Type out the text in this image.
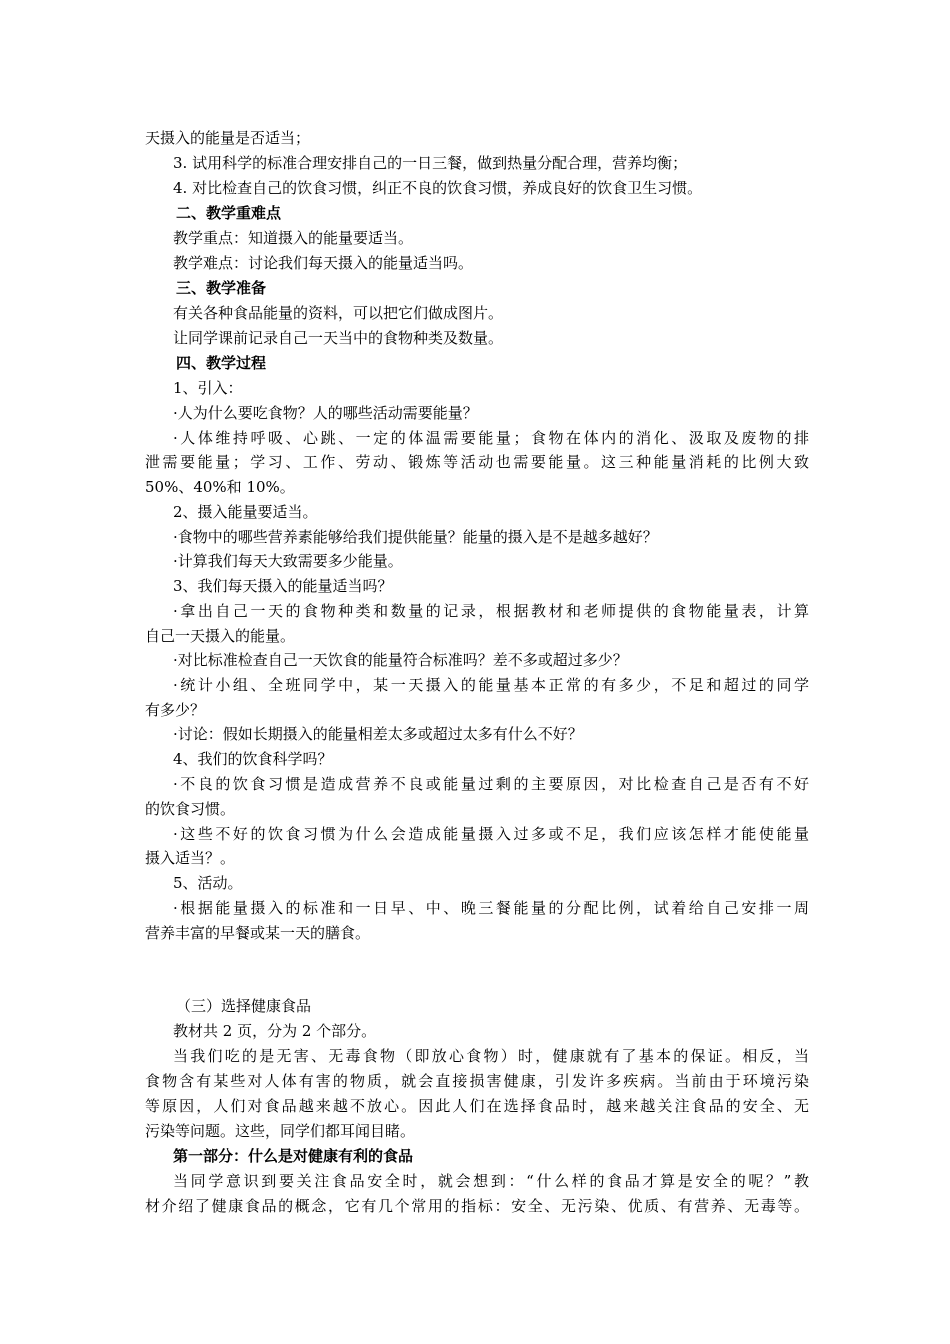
天摄入的能量是否适当；
3. 试用科学的标准合理安排自己的一日三餐，做到热量分配合理，营养均衡；
4. 对比检查自己的饮食习惯，纠正不良的饮食习惯，养成良好的饮食卫生习惯。
二、教学重难点
教学重点：知道摄入的能量要适当。
教学难点：讨论我们每天摄入的能量适当吗。
三、教学准备
有关各种食品能量的资料，可以把它们做成图片。
让同学课前记录自己一天当中的食物种类及数量。
四、教学过程
1、引入：
·人为什么要吃食物？人的哪些活动需要能量？
·人体维持呼吸、心跳、一定的体温需要能量；食物在体内的消化、汲取及废物的排
泄需要能量；学习、工作、劳动、锻炼等活动也需要能量。这三种能量消耗的比例大致
50%、40%和 10%。
2、摄入能量要适当。
·食物中的哪些营养素能够给我们提供能量？能量的摄入是不是越多越好？
·计算我们每天大致需要多少能量。
3、我们每天摄入的能量适当吗？
·拿出自己一天的食物种类和数量的记录，根据教材和老师提供的食物能量表，计算
自己一天摄入的能量。
·对比标准检查自己一天饮食的能量符合标准吗？差不多或超过多少？
·统计小组、全班同学中，某一天摄入的能量基本正常的有多少，不足和超过的同学
有多少？
·讨论：假如长期摄入的能量相差太多或超过太多有什么不好？
4、我们的饮食科学吗？
·不良的饮食习惯是造成营养不良或能量过剩的主要原因，对比检查自己是否有不好
的饮食习惯。
·这些不好的饮食习惯为什么会造成能量摄入过多或不足，我们应该怎样才能使能量
摄入适当？。
5、活动。
·根据能量摄入的标准和一日早、中、晚三餐能量的分配比例，试着给自己安排一周
营养丰富的早餐或某一天的膳食。
（三）选择健康食品
教材共 2 页，分为 2 个部分。
当我们吃的是无害、无毒食物（即放心食物）时，健康就有了基本的保证。相反，当
食物含有某些对人体有害的物质，就会直接损害健康，引发许多疾病。当前由于环境污染
等原因，人们对食品越来越不放心。因此人们在选择食品时，越来越关注食品的安全、无
污染等问题。这些，同学们都耳闻目睹。
第一部分：什么是对健康有利的食品
当同学意识到要关注食品安全时，就会想到：“什么样的食品才算是安全的呢？”教
材介绍了健康食品的概念，它有几个常用的指标：安全、无污染、优质、有营养、无毒等。
